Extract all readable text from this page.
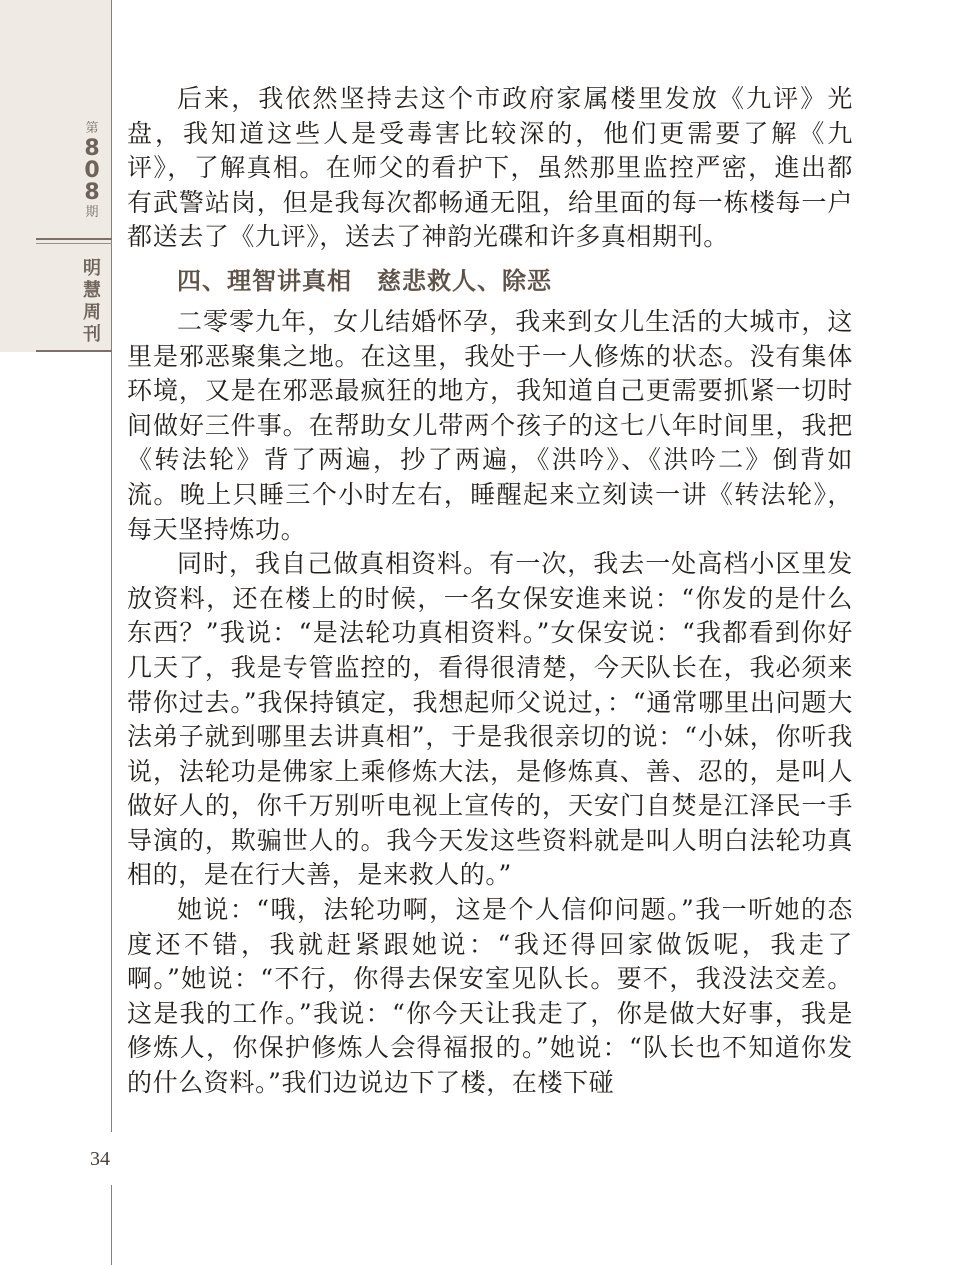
第
8
0
8
期
明
慧
周
刊
34

后来，我依然坚持去这个市政府家属楼里发放《九评》光盘，我知道这些人是受毒害比较深的，他们更需要了解《九评》，了解真相。在师父的看护下，虽然那里监控严密，進出都有武警站岗，但是我每次都畅通无阻，给里面的每一栋楼每一户都送去了《九评》，送去了神韵光碟和许多真相期刊。

四、理智讲真相　慈悲救人、除恶

二零零九年，女儿结婚怀孕，我来到女儿生活的大城市，这里是邪恶聚集之地。在这里，我处于一人修炼的状态。没有集体环境，又是在邪恶最疯狂的地方，我知道自己更需要抓紧一切时间做好三件事。在帮助女儿带两个孩子的这七八年时间里，我把《转法轮》背了两遍，抄了两遍，《洪吟》、《洪吟二》倒背如流。晚上只睡三个小时左右，睡醒起来立刻读一讲《转法轮》，每天坚持炼功。

同时，我自己做真相资料。有一次，我去一处高档小区里发放资料，还在楼上的时候，一名女保安進来说：“你发的是什么东西？”我说：“是法轮功真相资料。”女保安说：“我都看到你好几天了，我是专管监控的，看得很清楚，今天队长在，我必须来带你过去。”我保持镇定，我想起师父说过，：“通常哪里出问题大法弟子就到哪里去讲真相”，于是我很亲切的说：“小妹，你听我说，法轮功是佛家上乘修炼大法，是修炼真、善、忍的，是叫人做好人的，你千万别听电视上宣传的，天安门自焚是江泽民一手导演的，欺骗世人的。我今天发这些资料就是叫人明白法轮功真相的，是在行大善，是来救人的。”

她说：“哦，法轮功啊，这是个人信仰问题。”我一听她的态度还不错，我就赶紧跟她说：“我还得回家做饭呢，我走了啊。”她说：“不行，你得去保安室见队长。要不，我没法交差。这是我的工作。”我说：“你今天让我走了，你是做大好事，我是修炼人，你保护修炼人会得福报的。”她说：“队长也不知道你发的什么资料。”我们边说边下了楼，在楼下碰
